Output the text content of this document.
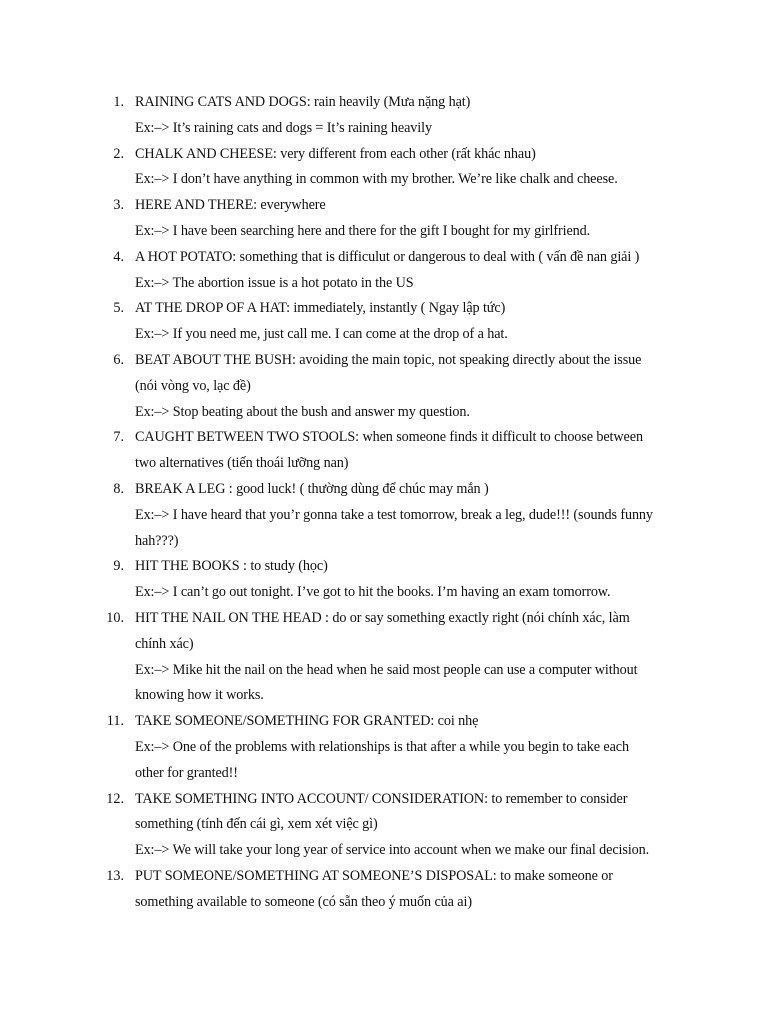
1. RAINING CATS AND DOGS: rain heavily (Mưa nặng hạt)
Ex:–> It’s raining cats and dogs = It’s raining heavily
2. CHALK AND CHEESE: very different from each other (rất khác nhau)
Ex:–> I don’t have anything in common with my brother. We’re like chalk and cheese.
3. HERE AND THERE: everywhere
Ex:–> I have been searching here and there for the gift I bought for my girlfriend.
4. A HOT POTATO: something that is difficulut or dangerous to deal with ( vấn đề nan giải )
Ex:–> The abortion issue is a hot potato in the US
5. AT THE DROP OF A HAT: immediately, instantly ( Ngay lập tức)
Ex:–> If you need me, just call me. I can come at the drop of a hat.
6. BEAT ABOUT THE BUSH: avoiding the main topic, not speaking directly about the issue
(nói vòng vo, lạc đề)
Ex:–> Stop beating about the bush and answer my question.
7. CAUGHT BETWEEN TWO STOOLS: when someone finds it difficult to choose between
two alternatives (tiến thoái lưỡng nan)
8. BREAK A LEG : good luck! ( thường dùng để chúc may mắn )
Ex:–> I have heard that you’r gonna take a test tomorrow, break a leg, dude!!! (sounds funny
hah???)
9. HIT THE BOOKS : to study (học)
Ex:–> I can’t go out tonight. I’ve got to hit the books. I’m having an exam tomorrow.
10. HIT THE NAIL ON THE HEAD : do or say something exactly right (nói chính xác, làm
chính xác)
Ex:–> Mike hit the nail on the head when he said most people can use a computer without
knowing how it works.
11. TAKE SOMEONE/SOMETHING FOR GRANTED: coi nhẹ
Ex:–> One of the problems with relationships is that after a while you begin to take each
other for granted!!
12. TAKE SOMETHING INTO ACCOUNT/ CONSIDERATION: to remember to consider
something (tính đến cái gì, xem xét việc gì)
Ex:–> We will take your long year of service into account when we make our final decision.
13. PUT SOMEONE/SOMETHING AT SOMEONE’S DISPOSAL: to make someone or
something available to someone (có sẵn theo ý muốn của ai)
